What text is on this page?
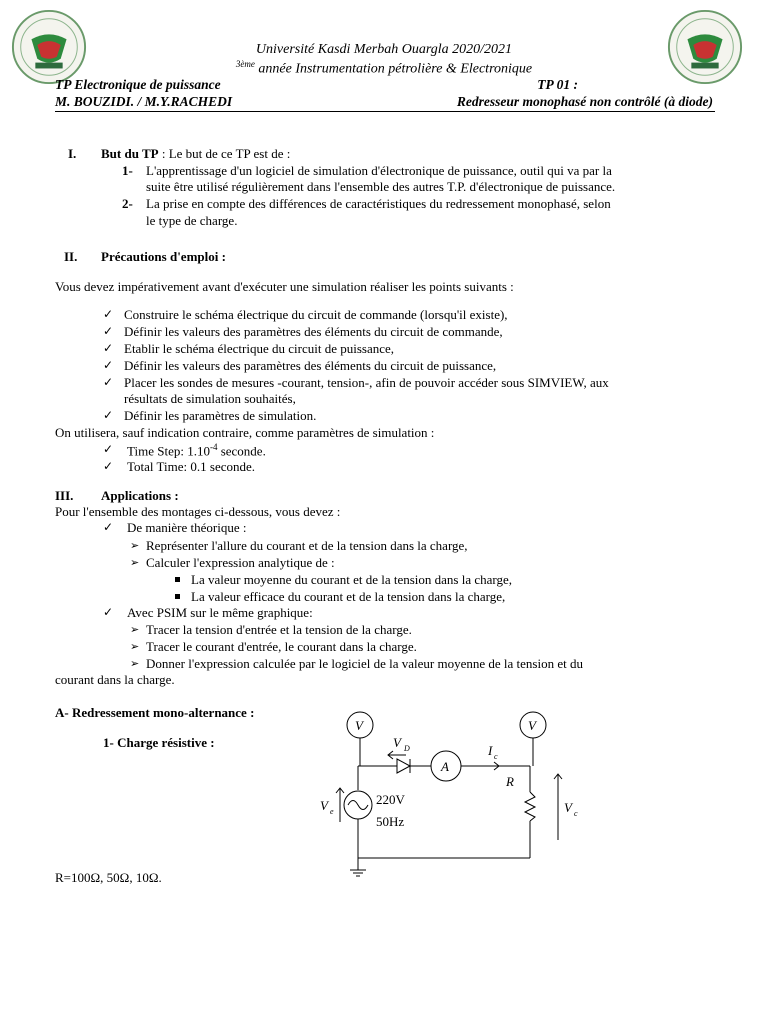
Université Kasdi Merbah Ouargla 2020/2021
$^{3ème}$ année Instrumentation pétrolière & Electronique
TP Electronique de puissance	TP 01 :
M. BOUZIDI. / M.Y.RACHEDI	Redresseur monophasé non contrôlé (à diode)
I. But du TP : Le but de ce TP est de :
1- L'apprentissage d'un logiciel de simulation d'électronique de puissance, outil qui va par la
suite être utilisé régulièrement dans l'ensemble des autres T.P. d'électronique de puissance.
2- La prise en compte des différences de caractéristiques du redressement monophasé, selon
le type de charge.
II. Précautions d'emploi :
Vous devez impérativement avant d'exécuter une simulation réaliser les points suivants :
✓ Construire le schéma électrique du circuit de commande (lorsqu'il existe),
✓ Définir les valeurs des paramètres des éléments du circuit de commande,
✓ Etablir le schéma électrique du circuit de puissance,
✓ Définir les valeurs des paramètres des éléments du circuit de puissance,
✓ Placer les sondes de mesures -courant, tension-, afin de pouvoir accéder sous SIMVIEW, aux
résultats de simulation souhaités,
✓ Définir les paramètres de simulation.
On utilisera, sauf indication contraire, comme paramètres de simulation :
✓ Time Step: $1.10^{-4}$ seconde.
✓ Total Time: 0.1 seconde.
III. Applications :
Pour l'ensemble des montages ci-dessous, vous devez :
✓ De manière théorique :
➢ Représenter l'allure du courant et de la tension dans la charge,
➢ Calculer l'expression analytique de :
La valeur moyenne du courant et de la tension dans la charge,
La valeur efficace du courant et de la tension dans la charge,
✓ Avec PSIM sur le même graphique:
➢ Tracer la tension d'entrée et la tension de la charge.
➢ Tracer le courant d'entrée, le courant dans la charge.
➢ Donner l'expression calculée par le logiciel de la valeur moyenne de la tension et du
courant dans la charge.
A- Redressement mono-alternance :
1- Charge résistive :
R=100Ω, 50Ω, 10Ω.
V	V
A
V D	I c
R
V e	V c
220V
50Hz
